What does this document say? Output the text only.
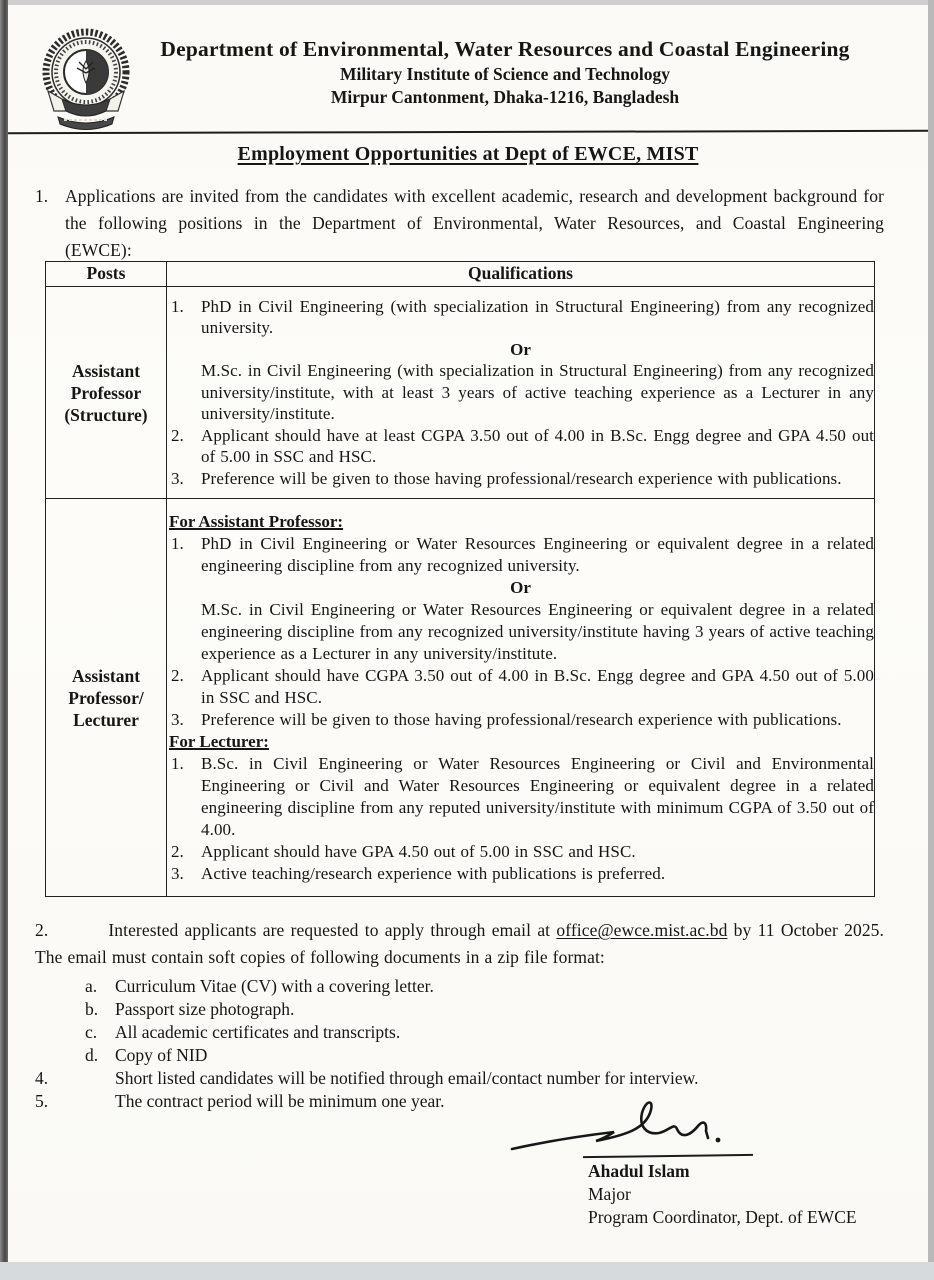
Department of Environmental, Water Resources and Coastal Engineering
Military Institute of Science and Technology
Mirpur Cantonment, Dhaka-1216, Bangladesh
Employment Opportunities at Dept of EWCE, MIST
1. Applications are invited from the candidates with excellent academic, research and development background for the following positions in the Department of Environmental, Water Resources, and Coastal Engineering (EWCE):
Posts	Qualifications

Assistant
Professor
(Structure)

1.	PhD in Civil Engineering (with specialization in Structural Engineering) from any recognized university.
Or
M.Sc. in Civil Engineering (with specialization in Structural Engineering) from any recognized university/institute, with at least 3 years of active teaching experience as a Lecturer in any university/institute.
2.	Applicant should have at least CGPA 3.50 out of 4.00 in B.Sc. Engg degree and GPA 4.50 out of 5.00 in SSC and HSC.
3.	Preference will be given to those having professional/research experience with publications.

Assistant
Professor/
Lecturer

For Assistant Professor:
1.	PhD in Civil Engineering or Water Resources Engineering or equivalent degree in a related engineering discipline from any recognized university.
Or
M.Sc. in Civil Engineering or Water Resources Engineering or equivalent degree in a related engineering discipline from any recognized university/institute having 3 years of active teaching experience as a Lecturer in any university/institute.
2.	Applicant should have CGPA 3.50 out of 4.00 in B.Sc. Engg degree and GPA 4.50 out of 5.00 in SSC and HSC.
3.	Preference will be given to those having professional/research experience with publications.
For Lecturer:
1.	B.Sc. in Civil Engineering or Water Resources Engineering or Civil and Environmental Engineering or Civil and Water Resources Engineering or equivalent degree in a related engineering discipline from any reputed university/institute with minimum CGPA of 3.50 out of 4.00.
2.	Applicant should have GPA 4.50 out of 5.00 in SSC and HSC.
3.	Active teaching/research experience with publications is preferred.
2.	Interested applicants are requested to apply through email at office@ewce.mist.ac.bd by 11 October 2025. The email must contain soft copies of following documents in a zip file format:
a.	Curriculum Vitae (CV) with a covering letter.
b. Passport size photograph.
c.	All academic certificates and transcripts.
d. Copy of NID
4.	Short listed candidates will be notified through email/contact number for interview.
5.	The contract period will be minimum one year.
Ahadul Islam
Major
Program Coordinator, Dept. of EWCE
